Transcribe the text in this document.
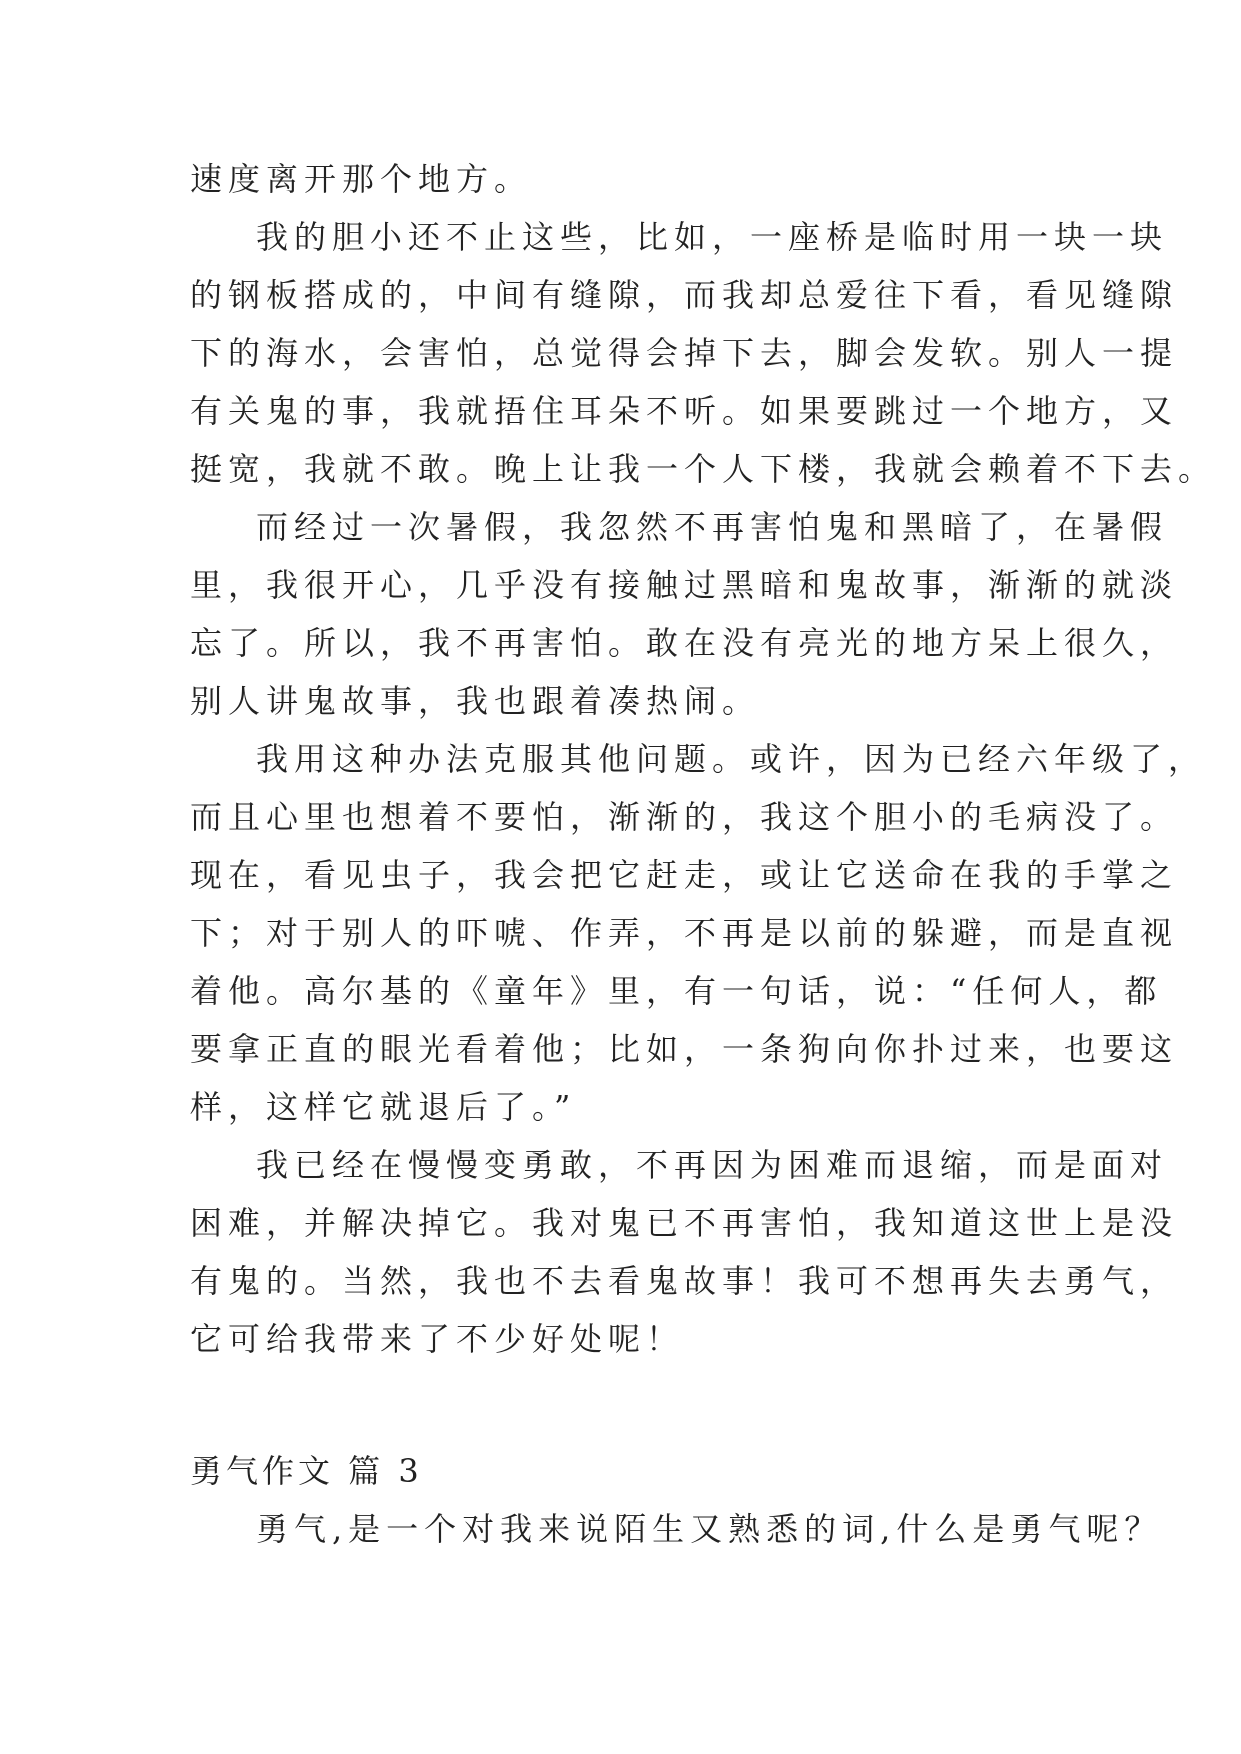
速度离开那个地方。
我的胆小还不止这些，比如，一座桥是临时用一块一块
的钢板搭成的，中间有缝隙，而我却总爱往下看，看见缝隙
下的海水，会害怕，总觉得会掉下去，脚会发软。别人一提
有关鬼的事，我就捂住耳朵不听。如果要跳过一个地方，又
挺宽，我就不敢。晚上让我一个人下楼，我就会赖着不下去。
而经过一次暑假，我忽然不再害怕鬼和黑暗了，在暑假
里，我很开心，几乎没有接触过黑暗和鬼故事，渐渐的就淡
忘了。所以，我不再害怕。敢在没有亮光的地方呆上很久，
别人讲鬼故事，我也跟着凑热闹。
我用这种办法克服其他问题。或许，因为已经六年级了，
而且心里也想着不要怕，渐渐的，我这个胆小的毛病没了。
现在，看见虫子，我会把它赶走，或让它送命在我的手掌之
下；对于别人的吓唬、作弄，不再是以前的躲避，而是直视
着他。高尔基的《童年》里，有一句话，说：“任何人，都
要拿正直的眼光看着他；比如，一条狗向你扑过来，也要这
样，这样它就退后了。”
我已经在慢慢变勇敢，不再因为困难而退缩，而是面对
困难，并解决掉它。我对鬼已不再害怕，我知道这世上是没
有鬼的。当然，我也不去看鬼故事！我可不想再失去勇气，
它可给我带来了不少好处呢！
勇气作文 篇 3
勇气,是一个对我来说陌生又熟悉的词,什么是勇气呢？
